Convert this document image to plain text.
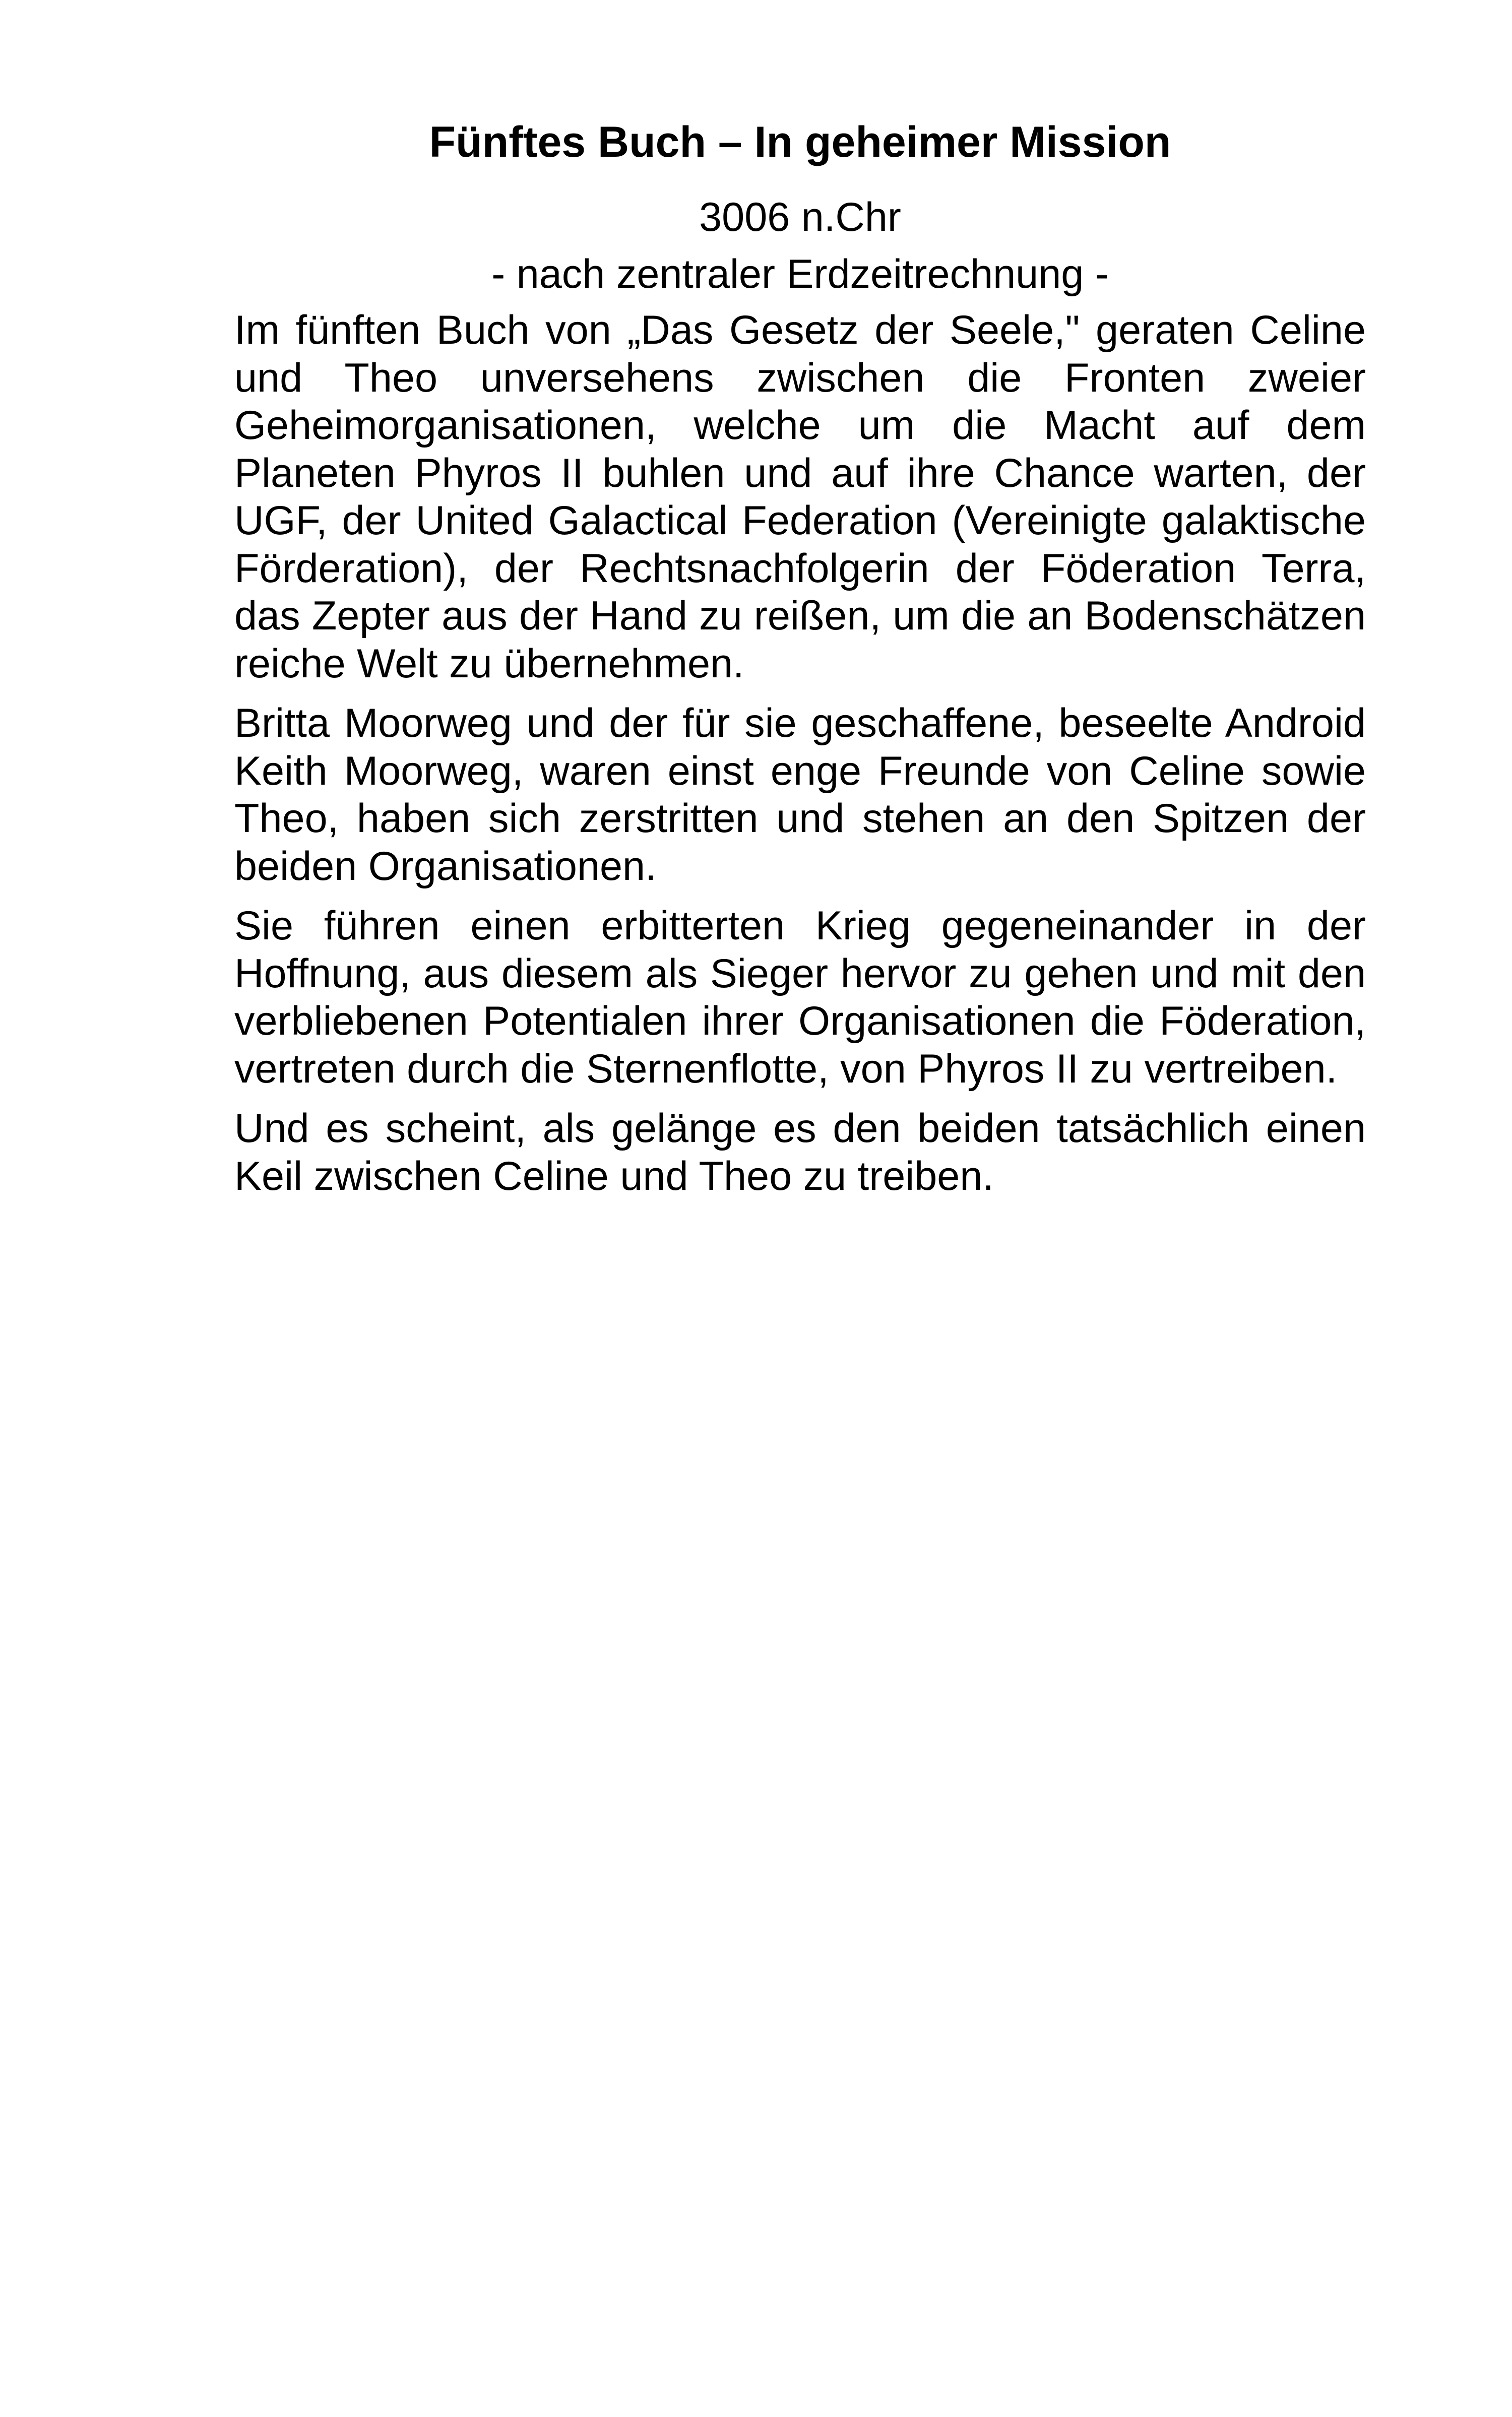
Fünftes Buch – In geheimer Mission
3006 n.Chr
- nach zentraler Erdzeitrechnung -

Im fünften Buch von „Das Gesetz der Seele," geraten Celine und Theo unversehens zwischen die Fronten zweier Geheimorganisationen, welche um die Macht auf dem Planeten Phyros II buhlen und auf ihre Chance warten, der UGF, der United Galactical Federation (Vereinigte galaktische Förderation), der Rechtsnachfolgerin der Föderation Terra, das Zepter aus der Hand zu reißen, um die an Bodenschätzen reiche Welt zu übernehmen.

Britta Moorweg und der für sie geschaffene, beseelte Android Keith Moorweg, waren einst enge Freunde von Celine sowie Theo, haben sich zerstritten und stehen an den Spitzen der beiden Organisationen.

Sie führen einen erbitterten Krieg gegeneinander in der Hoffnung, aus diesem als Sieger hervor zu gehen und mit den verbliebenen Potentialen ihrer Organisationen die Föderation, vertreten durch die Sternenflotte, von Phyros II zu vertreiben.

Und es scheint, als gelänge es den beiden tatsächlich einen Keil zwischen Celine und Theo zu treiben.
